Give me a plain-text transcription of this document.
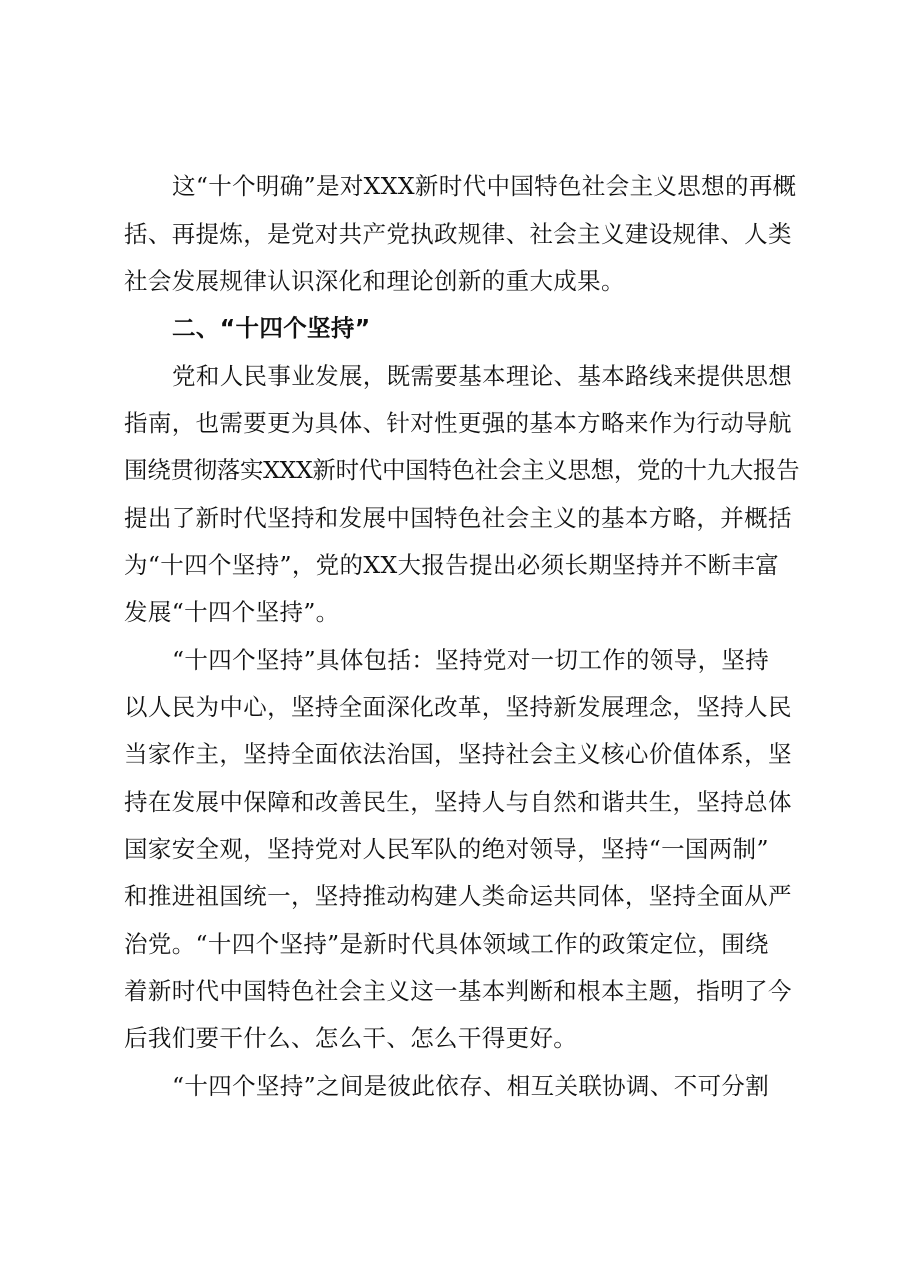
这“十个明确”是对XXX新时代中国特色社会主义思想的再概
括、再提炼，是党对共产党执政规律、社会主义建设规律、人类
社会发展规律认识深化和理论创新的重大成果。
二、“十四个坚持”
党和人民事业发展，既需要基本理论、基本路线来提供思想
指南，也需要更为具体、针对性更强的基本方略来作为行动导航
围绕贯彻落实XXX新时代中国特色社会主义思想，党的十九大报告
提出了新时代坚持和发展中国特色社会主义的基本方略，并概括
为“十四个坚持”，党的XX大报告提出必须长期坚持并不断丰富
发展“十四个坚持”。
“十四个坚持”具体包括：坚持党对一切工作的领导，坚持
以人民为中心，坚持全面深化改革，坚持新发展理念，坚持人民
当家作主，坚持全面依法治国，坚持社会主义核心价值体系，坚
持在发展中保障和改善民生，坚持人与自然和谐共生，坚持总体
国家安全观，坚持党对人民军队的绝对领导，坚持“一国两制”
和推进祖国统一，坚持推动构建人类命运共同体，坚持全面从严
治党。“十四个坚持”是新时代具体领域工作的政策定位，围绕
着新时代中国特色社会主义这一基本判断和根本主题，指明了今
后我们要干什么、怎么干、怎么干得更好。
“十四个坚持”之间是彼此依存、相互关联协调、不可分割
